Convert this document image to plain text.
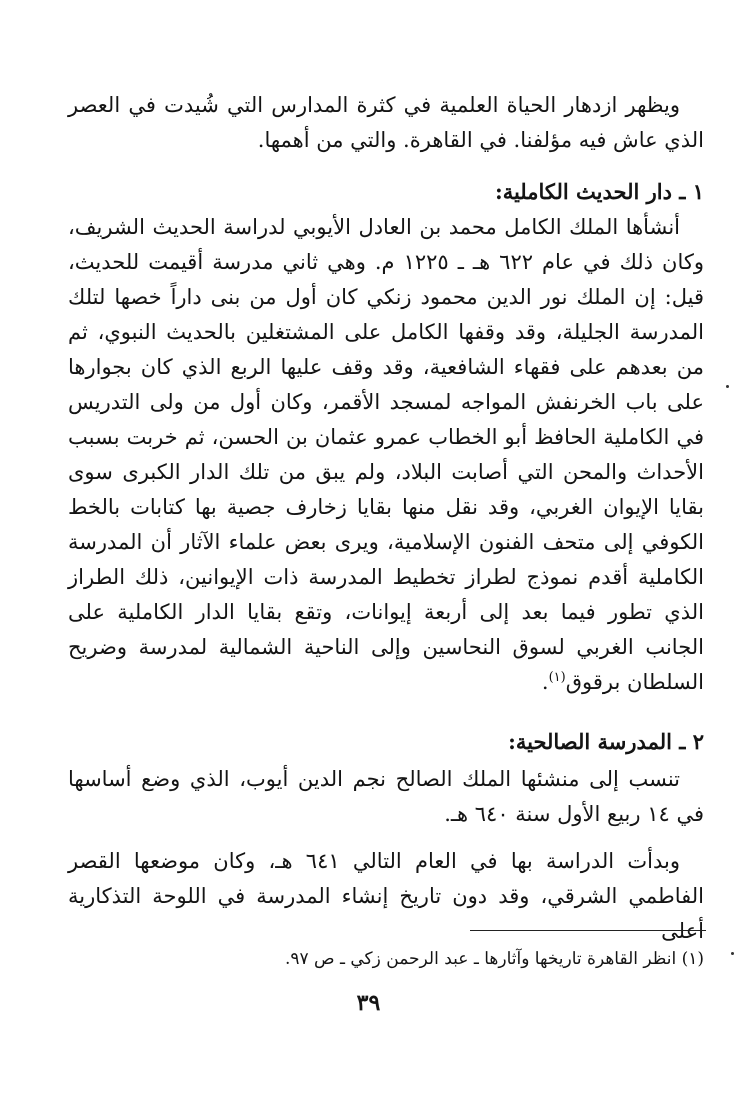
ويظهر ازدهار الحياة العلمية في كثرة المدارس التي شُيدت في العصر الذي عاش فيه مؤلفنا. في القاهرة. والتي من أهمها.

١ ـ دار الحديث الكاملية:

أنشأها الملك الكامل محمد بن العادل الأيوبي لدراسة الحديث الشريف، وكان ذلك في عام ٦٢٢ هـ ـ ١٢٢٥ م. وهي ثاني مدرسة أقيمت للحديث، قيل: إن الملك نور الدين محمود زنكي كان أول من بنى داراً خصها لتلك المدرسة الجليلة، وقد وقفها الكامل على المشتغلين بالحديث النبوي، ثم من بعدهم على فقهاء الشافعية، وقد وقف عليها الربع الذي كان بجوارها على باب الخرنفش المواجه لمسجد الأقمر، وكان أول من ولى التدريس في الكاملية الحافظ أبو الخطاب عمرو عثمان بن الحسن، ثم خربت بسبب الأحداث والمحن التي أصابت البلاد، ولم يبق من تلك الدار الكبرى سوى بقايا الإيوان الغربي، وقد نقل منها بقايا زخارف جصية بها كتابات بالخط الكوفي إلى متحف الفنون الإسلامية، ويرى بعض علماء الآثار أن المدرسة الكاملية أقدم نموذج لطراز تخطيط المدرسة ذات الإيوانين، ذلك الطراز الذي تطور فيما بعد إلى أربعة إيوانات، وتقع بقايا الدار الكاملية على الجانب الغربي لسوق النحاسين وإلى الناحية الشمالية لمدرسة وضريح السلطان برقوق$^{(١)}$.

٢ ـ المدرسة الصالحية:

تنسب إلى منشئها الملك الصالح نجم الدين أيوب، الذي وضع أساسها في ١٤ ربيع الأول سنة ٦٤٠ هـ.

وبدأت الدراسة بها في العام التالي ٦٤١ هـ، وكان موضعها القصر الفاطمي الشرقي، وقد دون تاريخ إنشاء المدرسة في اللوحة التذكارية أعلى

(١) انظر القاهرة تاريخها وآثارها ـ عبد الرحمن زكي ـ ص ٩٧.

٣٩
